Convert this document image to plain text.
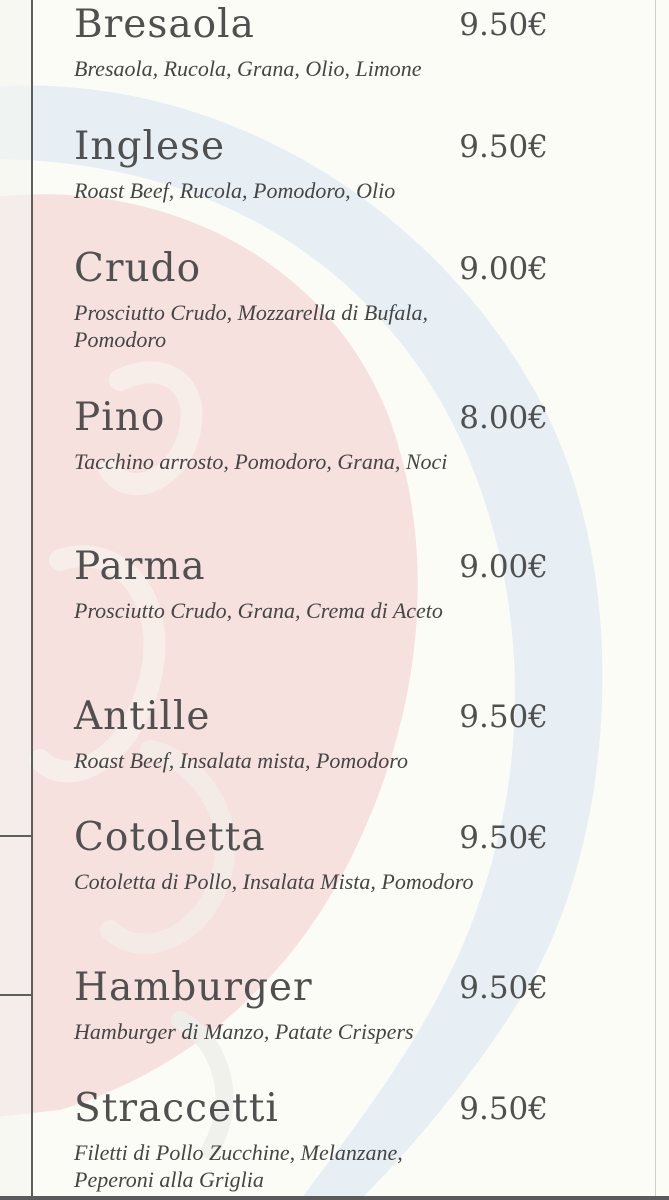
Bresaola	9.50€
Bresaola, Rucola, Grana, Olio, Limone
Inglese	9.50€
Roast Beef, Rucola, Pomodoro, Olio
Crudo	9.00€
Prosciutto Crudo, Mozzarella di Bufala, Pomodoro
Pino	8.00€
Tacchino arrosto, Pomodoro, Grana, Noci
Parma	9.00€
Prosciutto Crudo, Grana, Crema di Aceto
Antille	9.50€
Roast Beef, Insalata mista, Pomodoro
Cotoletta	9.50€
Cotoletta di Pollo, Insalata Mista, Pomodoro
Hamburger	9.50€
Hamburger di Manzo, Patate Crispers
Straccetti	9.50€
Filetti di Pollo Zucchine, Melanzane, Peperoni alla Griglia
